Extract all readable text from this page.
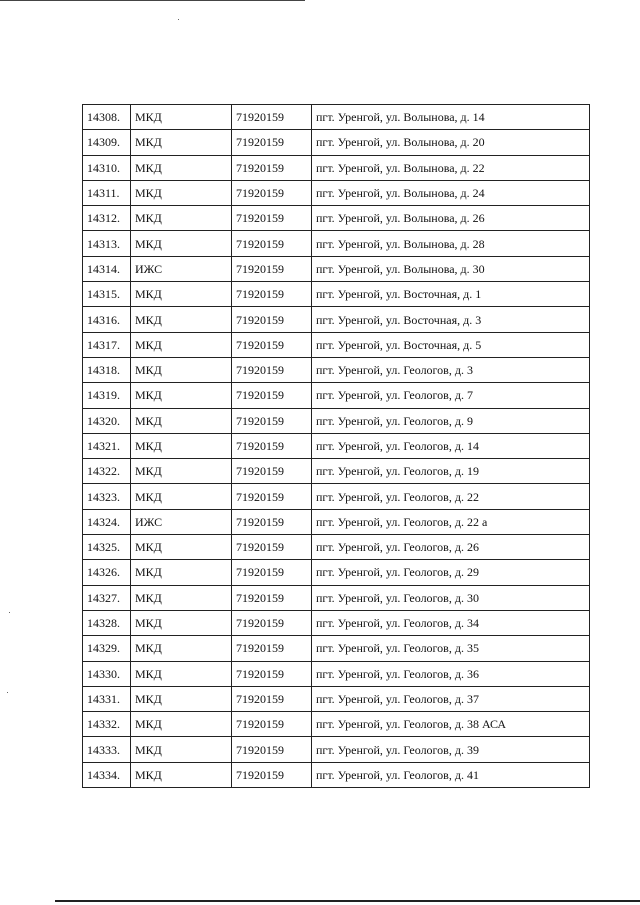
14308.	МКД	71920159	пгт. Уренгой, ул. Волынова, д. 14
14309.	МКД	71920159	пгт. Уренгой, ул. Волынова, д. 20
14310.	МКД	71920159	пгт. Уренгой, ул. Волынова, д. 22
14311.	МКД	71920159	пгт. Уренгой, ул. Волынова, д. 24
14312.	МКД	71920159	пгт. Уренгой, ул. Волынова, д. 26
14313.	МКД	71920159	пгт. Уренгой, ул. Волынова, д. 28
14314.	ИЖС	71920159	пгт. Уренгой, ул. Волынова, д. 30
14315.	МКД	71920159	пгт. Уренгой, ул. Восточная, д. 1
14316.	МКД	71920159	пгт. Уренгой, ул. Восточная, д. 3
14317.	МКД	71920159	пгт. Уренгой, ул. Восточная, д. 5
14318.	МКД	71920159	пгт. Уренгой, ул. Геологов, д. 3
14319.	МКД	71920159	пгт. Уренгой, ул. Геологов, д. 7
14320.	МКД	71920159	пгт. Уренгой, ул. Геологов, д. 9
14321.	МКД	71920159	пгт. Уренгой, ул. Геологов, д. 14
14322.	МКД	71920159	пгт. Уренгой, ул. Геологов, д. 19
14323.	МКД	71920159	пгт. Уренгой, ул. Геологов, д. 22
14324.	ИЖС	71920159	пгт. Уренгой, ул. Геологов, д. 22 а
14325.	МКД	71920159	пгт. Уренгой, ул. Геологов, д. 26
14326.	МКД	71920159	пгт. Уренгой, ул. Геологов, д. 29
14327.	МКД	71920159	пгт. Уренгой, ул. Геологов, д. 30
14328.	МКД	71920159	пгт. Уренгой, ул. Геологов, д. 34
14329.	МКД	71920159	пгт. Уренгой, ул. Геологов, д. 35
14330.	МКД	71920159	пгт. Уренгой, ул. Геологов, д. 36
14331.	МКД	71920159	пгт. Уренгой, ул. Геологов, д. 37
14332.	МКД	71920159	пгт. Уренгой, ул. Геологов, д. 38 АСА
14333.	МКД	71920159	пгт. Уренгой, ул. Геологов, д. 39
14334.	МКД	71920159	пгт. Уренгой, ул. Геологов, д. 41
